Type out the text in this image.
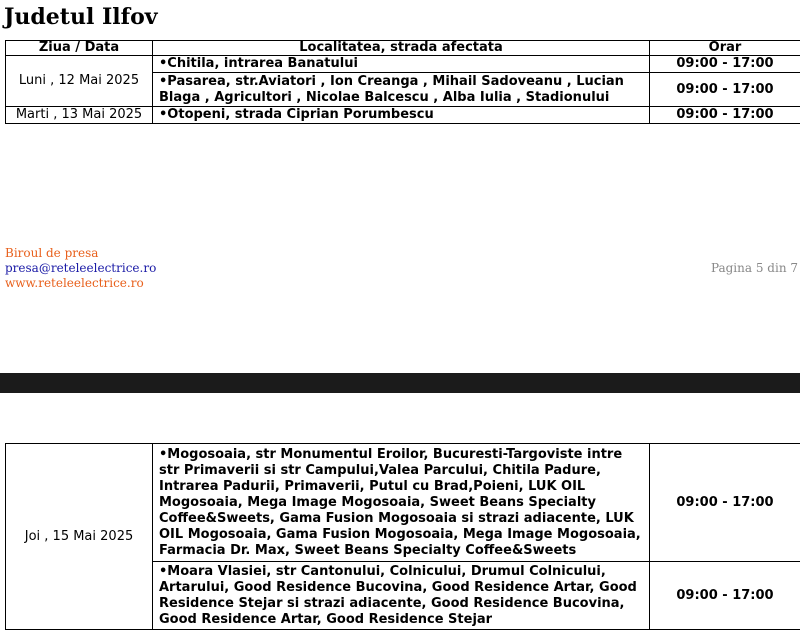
Judetul Ilfov
Ziua / Data	Localitatea, strada afectata	Orar
Luni , 12 Mai 2025	•Chitila, intrarea Banatului	09:00 - 17:00
	•Pasarea, str.Aviatori , Ion Creanga , Mihail Sadoveanu , Lucian Blaga , Agricultori , Nicolae Balcescu , Alba Iulia , Stadionului	09:00 - 17:00
Marti , 13 Mai 2025	•Otopeni, strada Ciprian Porumbescu	09:00 - 17:00
Biroul de presa
presa@reteleelectrice.ro
www.reteleelectrice.ro
Pagina 5 din 7
Joi , 15 Mai 2025	•Mogosoaia, str Monumentul Eroilor, Bucuresti-Targoviste intre str Primaverii si str Campului,Valea Parcului, Chitila Padure, Intrarea Padurii, Primaverii, Putul cu Brad,Poieni, LUK OIL Mogosoaia, Mega Image Mogosoaia, Sweet Beans Specialty Coffee&Sweets, Gama Fusion Mogosoaia si strazi adiacente, LUK OIL Mogosoaia, Gama Fusion Mogosoaia, Mega Image Mogosoaia, Farmacia Dr. Max, Sweet Beans Specialty Coffee&Sweets	09:00 - 17:00
	•Moara Vlasiei, str Cantonului, Colnicului, Drumul Colnicului, Artarului, Good Residence Bucovina, Good Residence Artar, Good Residence Stejar si strazi adiacente, Good Residence Bucovina, Good Residence Artar, Good Residence Stejar	09:00 - 17:00
